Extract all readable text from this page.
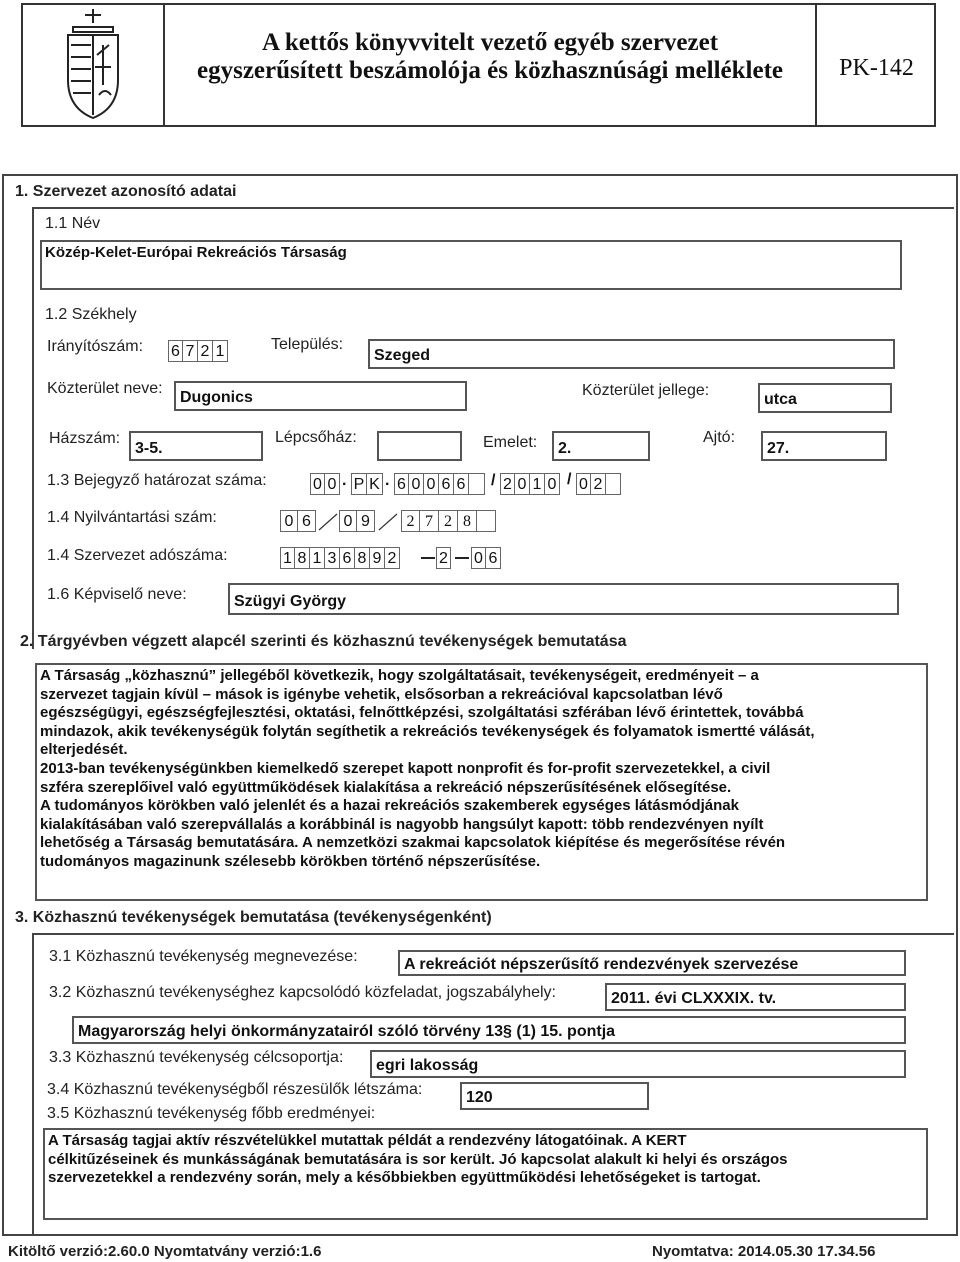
A kettős könyvvitelt vezető egyéb szervezet
egyszerűsített beszámolója és közhasznúsági melléklete	PK-142
1. Szervezet azonosító adatai
1.1 Név
Közép-Kelet-Európai Rekreációs Társaság
1.2 Székhely
Irányítószám: 6 7 2 1	Település:
Szeged
Közterület neve:
Dugonics	Közterület jellege:
utca
Házszám:
3-5.
Lépcsőház:	Emelet: 2.
Ajtó:
27.
1.3 Bejegyző határozat száma:	0 0 . P K . 6 0 0 6 6 / 2 0 1 0 / 0 2
1.4 Nyilvántartási szám:	0 6	0 9	2 7 2 8
1.4 Szervezet adószáma:	1 8 1 3 6 8 9 2	2 0 6
1.6 Képviselő neve:	Szügyi György
2. Tárgyévben végzett alapcél szerinti és közhasznú tevékenységek bemutatása

A Társaság „közhasznú” jellegéből következik, hogy szolgáltatásait, tevékenységeit, eredményeit – a

szervezet tagjain kívül – mások is igénybe vehetik, elsősorban a rekreációval kapcsolatban lévő

egészségügyi, egészségfejlesztési, oktatási, felnőttképzési, szolgáltatási szférában lévő érintettek, továbbá

mindazok, akik tevékenységük folytán segíthetik a rekreációs tevékenységek és folyamatok ismertté válását,

elterjedését.

2013-ban tevékenységünkben kiemelkedő szerepet kapott nonprofit és for-profit szervezetekkel, a civil

szféra szereplőivel való együttműködések kialakítása a rekreáció népszerűsítésének elősegítése.

A tudományos körökben való jelenlét és a hazai rekreációs szakemberek egységes látásmódjának

kialakításában való szerepvállalás a korábbinál is nagyobb hangsúlyt kapott: több rendezvényen nyílt

lehetőség a Társaság bemutatására. A nemzetközi szakmai kapcsolatok kiépítése és megerősítése révén

tudományos magazinunk szélesebb körökben történő népszerűsítése.

3. Közhasznú tevékenységek bemutatása (tevékenységenként)
3.1 Közhasznú tevékenység megnevezése:	A rekreációt népszerűsítő rendezvények szervezése
3.2 Közhasznú tevékenységhez kapcsolódó közfeladat, jogszabályhely:	2011. évi CLXXXIX. tv.
Magyarország helyi önkormányzatairól szóló törvény 13§ (1) 15. pontja
3.3 Közhasznú tevékenység célcsoportja: egri lakosság
3.4 Közhasznú tevékenységből részesülők létszáma:	120
3.5 Közhasznú tevékenység főbb eredményei:

A Társaság tagjai aktív részvételükkel mutattak példát a rendezvény látogatóinak. A KERT

célkitűzéseinek és munkásságának bemutatására is sor került. Jó kapcsolat alakult ki helyi és országos

szervezetekkel a rendezvény során, mely a későbbiekben együttműködési lehetőségeket is tartogat.

Kitöltő verzió:2.60.0 Nyomtatvány verzió:1.6	Nyomtatva: 2014.05.30 17.34.56
